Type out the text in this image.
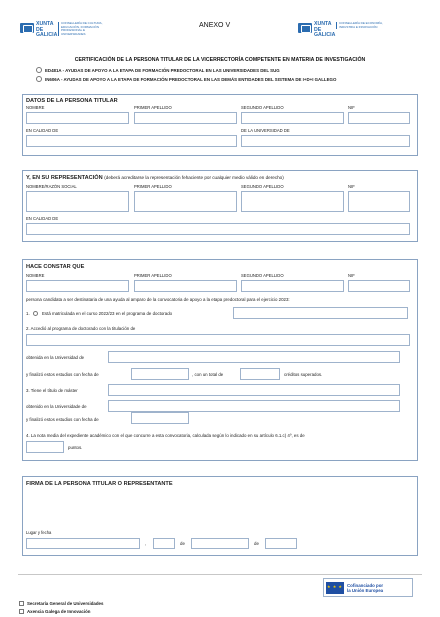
XUNTA DE GALICIA
CONSELLERÍA DE CULTURA, EDUCACIÓN, FORMACIÓN PROFESIONAL E UNIVERSIDADES
ANEXO V	XUNTA DE GALICIA
CONSELLERÍA DE ECONOMÍA, INDUSTRIA E INNOVACIÓN
CERTIFICACIÓN DE LA PERSONA TITULAR DE LA VICERRECTORÍA COMPETENTE EN MATERIA DE INVESTIGACIÓN
ED481A - AYUDAS DE APOYO A LA ETAPA DE FORMACIÓN PREDOCTORAL EN LAS UNIVERSIDADES DEL SUG
IN606A - AYUDAS DE APOYO A LA ETAPA DE FORMACIÓN PREDOCTORAL EN LAS DEMÁS ENTIDADES DEL SISTEMA DE I+D+I GALLEGO
DATOS DE LA PERSONA TITULAR
NOMBRE	PRIMER APELLIDO	SEGUNDO APELLIDO	NIF
EN CALIDAD DE	DE LA UNIVERSIDAD DE
Y, EN SU REPRESENTACIÓN (deberá acreditarse la representación fehaciente por cualquier medio válido en derecho)
NOMBRE/RAZÓN SOCIAL	PRIMER APELLIDO	SEGUNDO APELLIDO	NIF
EN CALIDAD DE
HACE CONSTAR QUE
NOMBRE	PRIMER APELLIDO	SEGUNDO APELLIDO	NIF
persona candidata a ser destinataria de una ayuda al amparo de la convocatoria de apoyo a la etapa predoctoral para el ejercicio 2023:
1.	Está matriculada en el curso 2022/23 en el programa de doctorado
2. Accedió al programa de doctorado con la titulación de
obtenida en la Universidad de
y finalizó estos estudios con fecha de	, con un total de	créditos superados.
3. Tiene el título de máster
obtenido en la Universidade de
y finalizó estos estudios con fecha de
4. La nota media del expediente académico con el que concurre a esta convocatoria, calculada según lo indicado en su artículo 6.1.c) 4º, es de
puntos.
FIRMA DE LA PERSONA TITULAR O REPRESENTANTE
Lugar y fecha
,	de	de
★ ★ ★
Cofinanciado por
la Unión Europea
Secretaría General de Universidades
Axencia Galega de Innovación
